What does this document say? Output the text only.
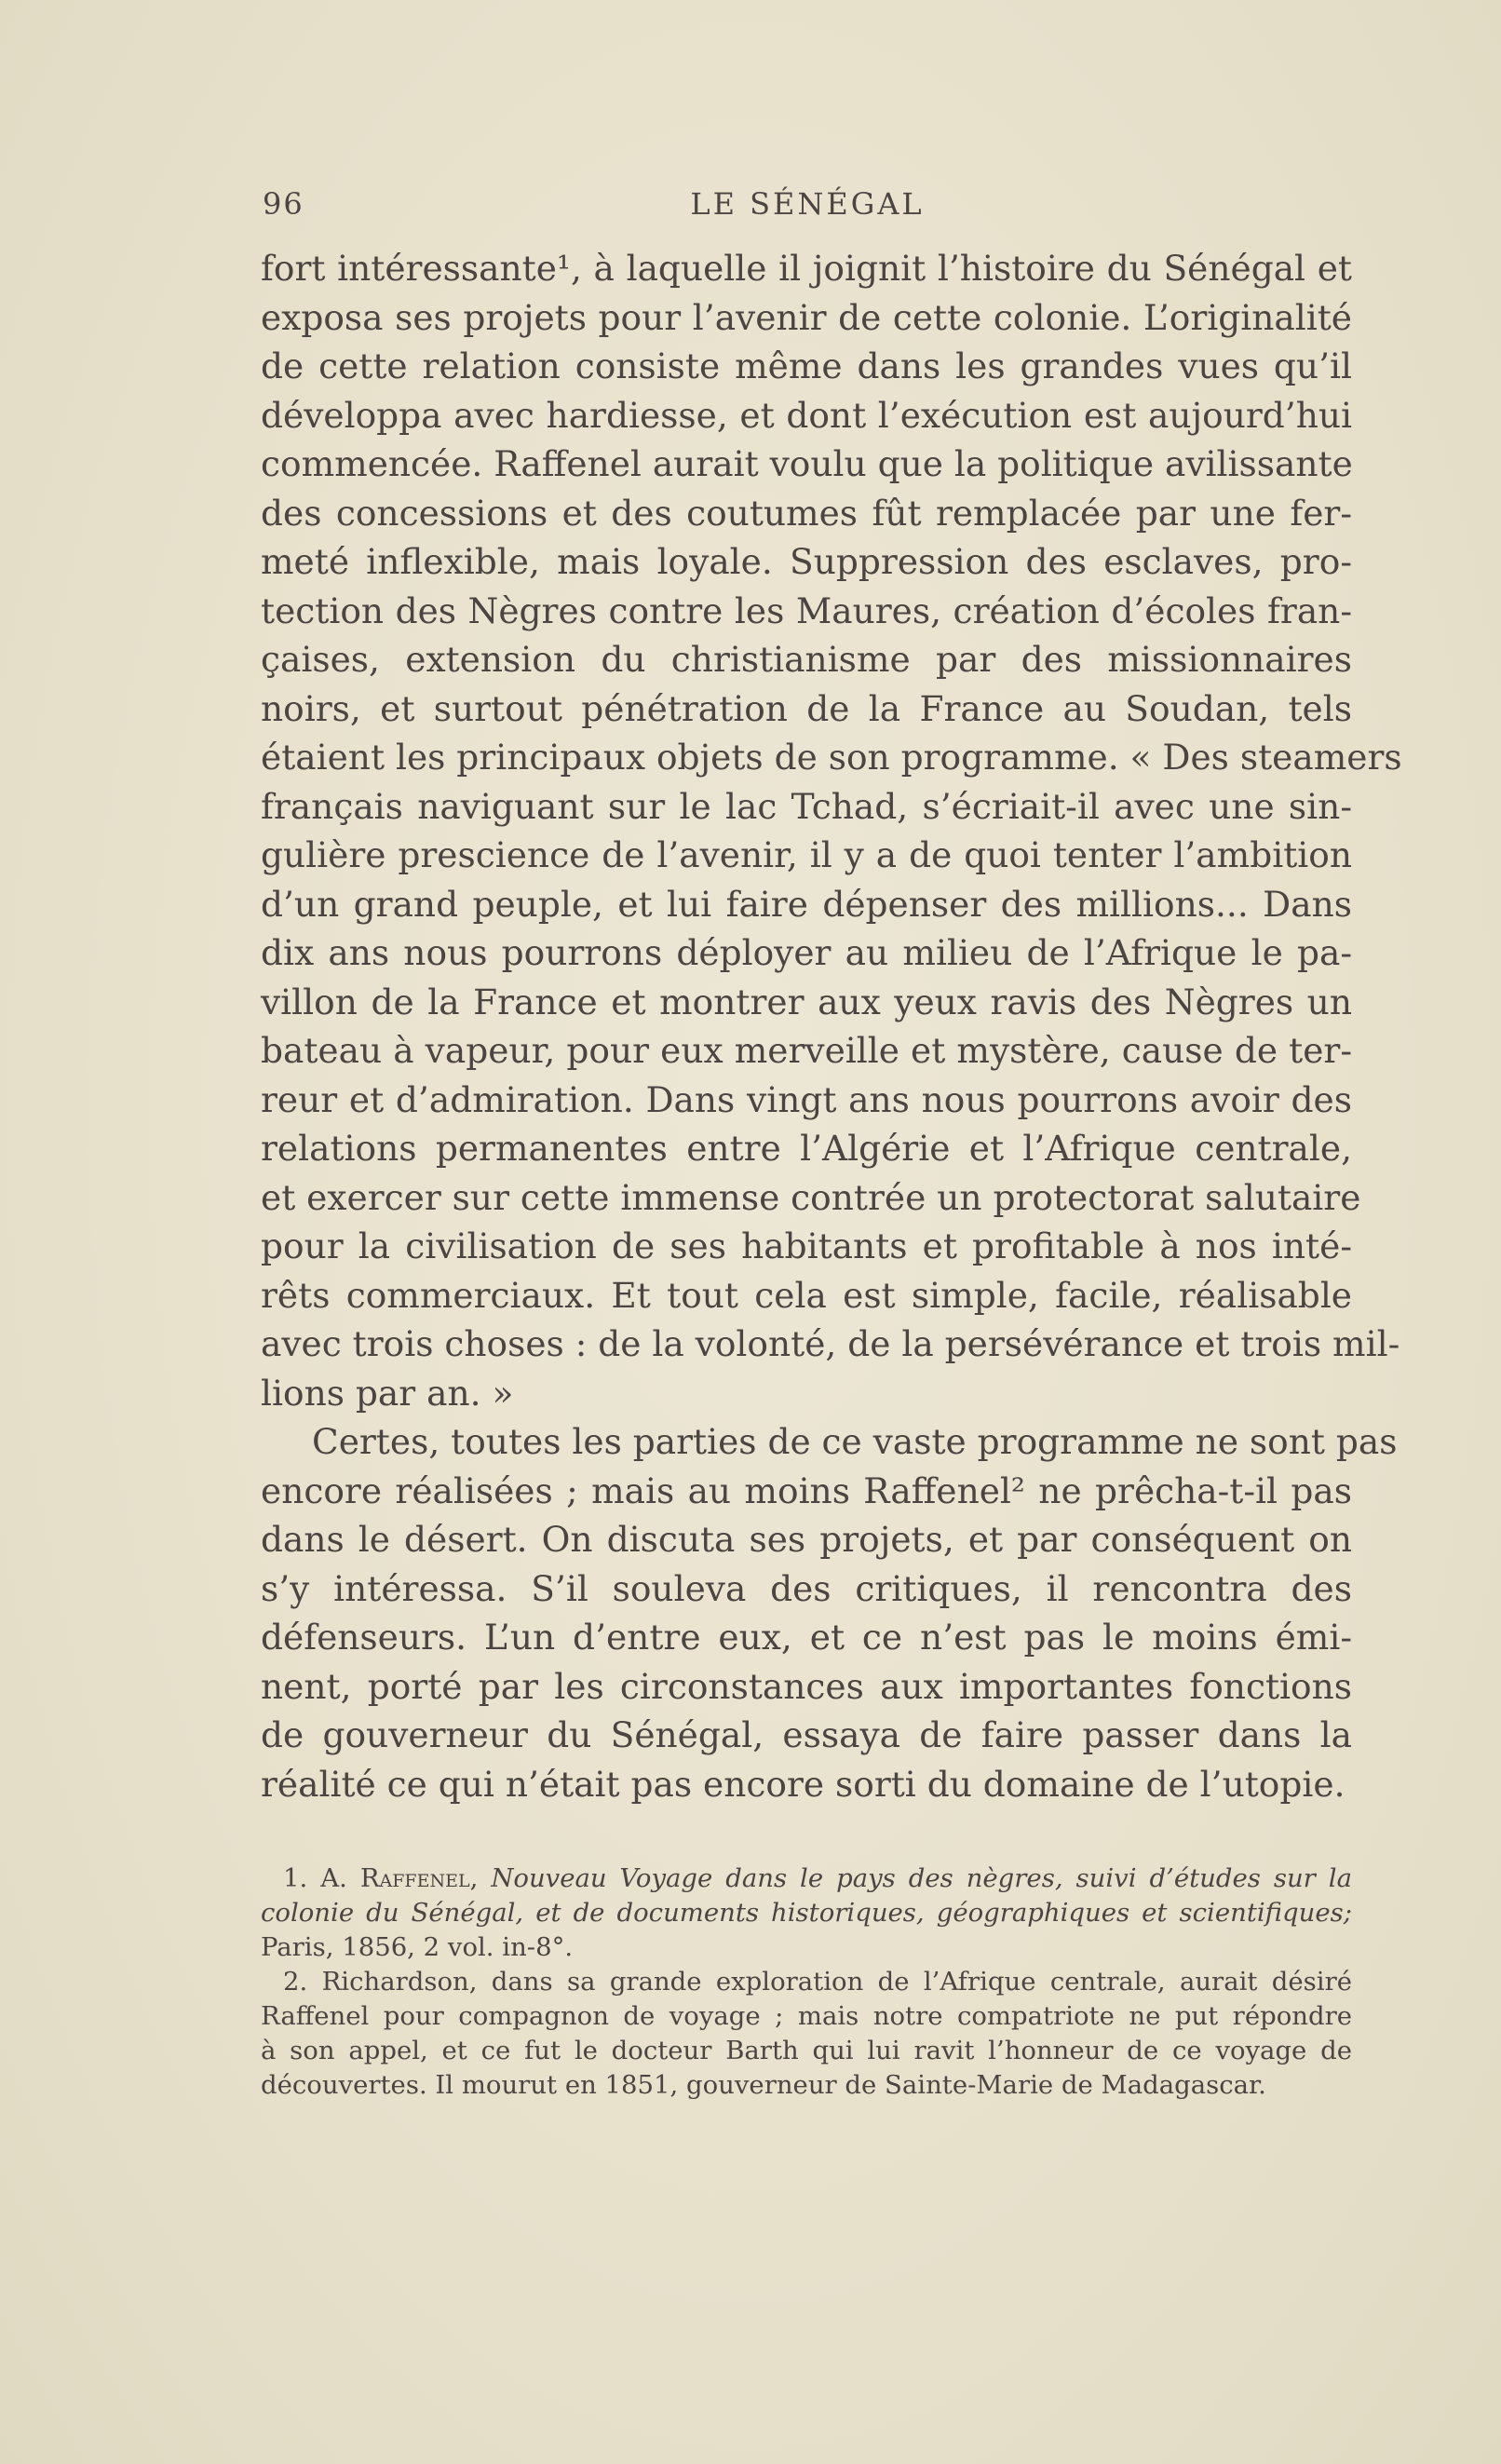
96	LE SÉNÉGAL
fort intéressante¹, à laquelle il joignit l’histoire du Sénégal et
exposa ses projets pour l’avenir de cette colonie. L’originalité
de cette relation consiste même dans les grandes vues qu’il
développa avec hardiesse, et dont l’exécution est aujourd’hui
commencée. Raffenel aurait voulu que la politique avilissante
des concessions et des coutumes fût remplacée par une fer-
meté inflexible, mais loyale. Suppression des esclaves, pro-
tection des Nègres contre les Maures, création d’écoles fran-
çaises, extension du christianisme par des missionnaires
noirs, et surtout pénétration de la France au Soudan, tels
étaient les principaux objets de son programme. « Des steamers
français naviguant sur le lac Tchad, s’écriait-il avec une sin-
gulière prescience de l’avenir, il y a de quoi tenter l’ambition
d’un grand peuple, et lui faire dépenser des millions... Dans
dix ans nous pourrons déployer au milieu de l’Afrique le pa-
villon de la France et montrer aux yeux ravis des Nègres un
bateau à vapeur, pour eux merveille et mystère, cause de ter-
reur et d’admiration. Dans vingt ans nous pourrons avoir des
relations permanentes entre l’Algérie et l’Afrique centrale,
et exercer sur cette immense contrée un protectorat salutaire
pour la civilisation de ses habitants et profitable à nos inté-
rêts commerciaux. Et tout cela est simple, facile, réalisable
avec trois choses : de la volonté, de la persévérance et trois mil-
lions par an. »
Certes, toutes les parties de ce vaste programme ne sont pas
encore réalisées ; mais au moins Raffenel² ne prêcha-t-il pas
dans le désert. On discuta ses projets, et par conséquent on
s’y intéressa. S’il souleva des critiques, il rencontra des
défenseurs. L’un d’entre eux, et ce n’est pas le moins émi-
nent, porté par les circonstances aux importantes fonctions
de gouverneur du Sénégal, essaya de faire passer dans la
réalité ce qui n’était pas encore sorti du domaine de l’utopie.
1. A. Raffenel, Nouveau Voyage dans le pays des nègres, suivi d’études sur la
colonie du Sénégal, et de documents historiques, géographiques et scientifiques;
Paris, 1856, 2 vol. in-8°.
2. Richardson, dans sa grande exploration de l’Afrique centrale, aurait désiré
Raffenel pour compagnon de voyage ; mais notre compatriote ne put répondre
à son appel, et ce fut le docteur Barth qui lui ravit l’honneur de ce voyage de
découvertes. Il mourut en 1851, gouverneur de Sainte-Marie de Madagascar.
